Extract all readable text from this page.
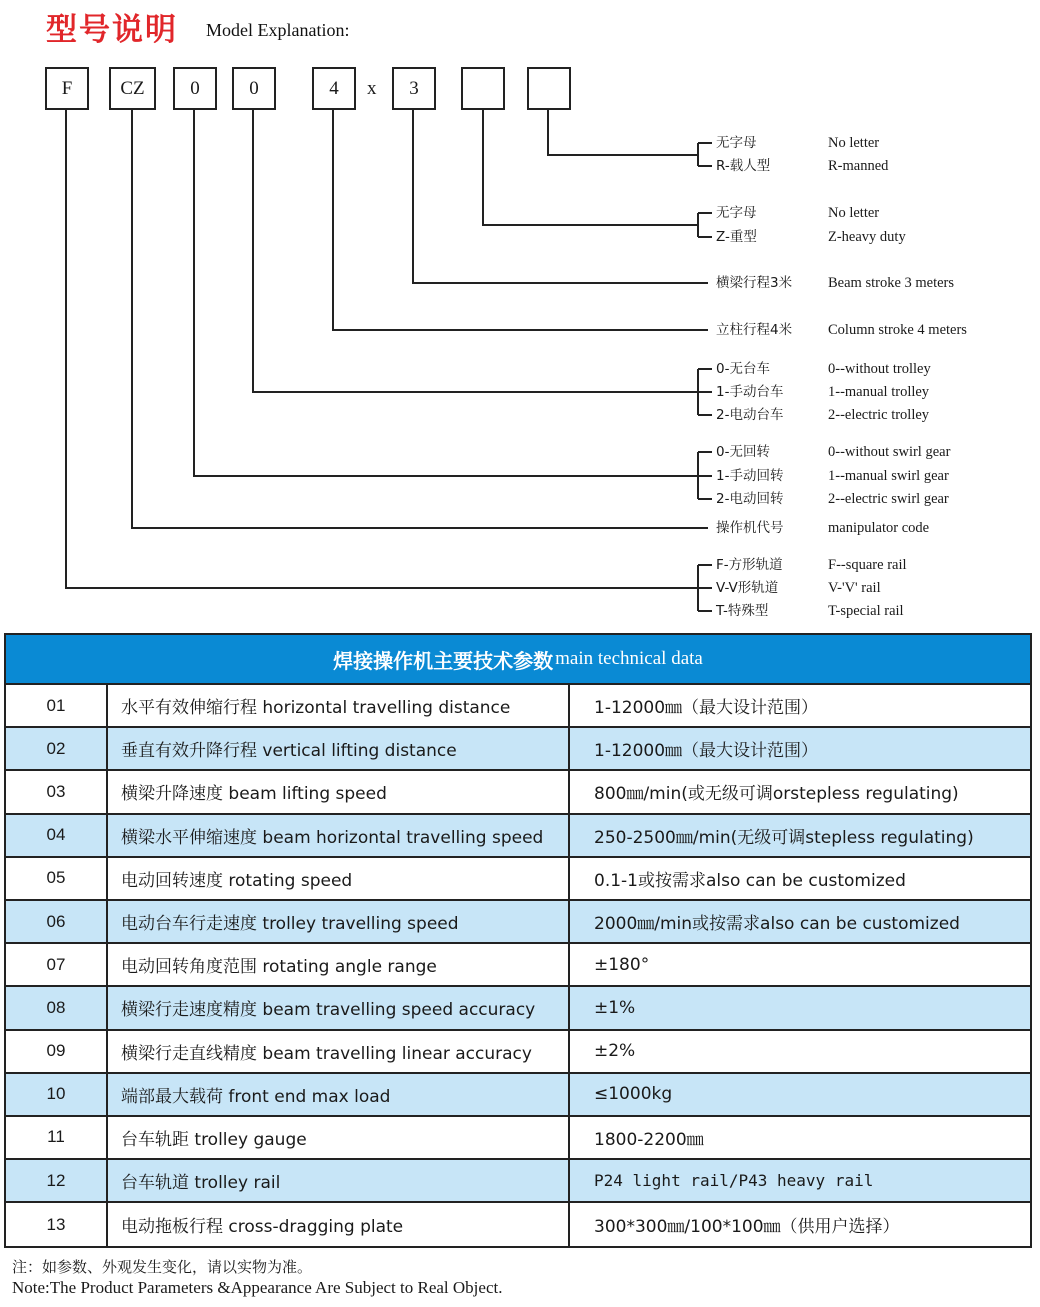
型号说明 Model Explanation:
F	CZ	0	0	4	x	3
无字母	No letter
R-载人型	R-manned
无字母	No letter
Z-重型	Z-heavy duty
横梁行程3米	Beam stroke 3 meters
立柱行程4米	Column stroke 4 meters
0-无台车	0--without trolley
1-手动台车	1--manual trolley
2-电动台车	2--electric trolley
0-无回转	0--without swirl gear
1-手动回转	1--manual swirl gear
2-电动回转	2--electric swirl gear
操作机代号	manipulator code
F-方形轨道	F--square rail
V-V形轨道	V-'V' rail
T-特殊型	T-special rail
焊接操作机主要技术参数 main technical data
01	水平有效伸缩行程 horizontal travelling distance	1-12000㎜（最大设计范围）
02	垂直有效升降行程 vertical lifting distance	1-12000㎜（最大设计范围）
03	横梁升降速度 beam lifting speed	800㎜/min(或无级可调orstepless regulating)
04	横梁水平伸缩速度 beam horizontal travelling speed	250-2500㎜/min(无级可调stepless regulating)
05	电动回转速度 rotating speed	0.1-1或按需求also can be customized
06	电动台车行走速度 trolley travelling speed	2000㎜/min或按需求also can be customized
07	电动回转角度范围 rotating angle range	±180°
08	横梁行走速度精度 beam travelling speed accuracy	±1%
09	横梁行走直线精度 beam travelling linear accuracy	±2%
10	端部最大载荷 front end max load	≤1000kg
11	台车轨距 trolley gauge	1800-2200㎜
12	台车轨道 trolley rail	P24 light rail/P43 heavy rail
13	电动拖板行程 cross-dragging plate	300*300㎜/100*100㎜（供用户选择）
注：如参数、外观发生变化，请以实物为准。
Note:The Product Parameters &Appearance Are Subject to Real Object.
